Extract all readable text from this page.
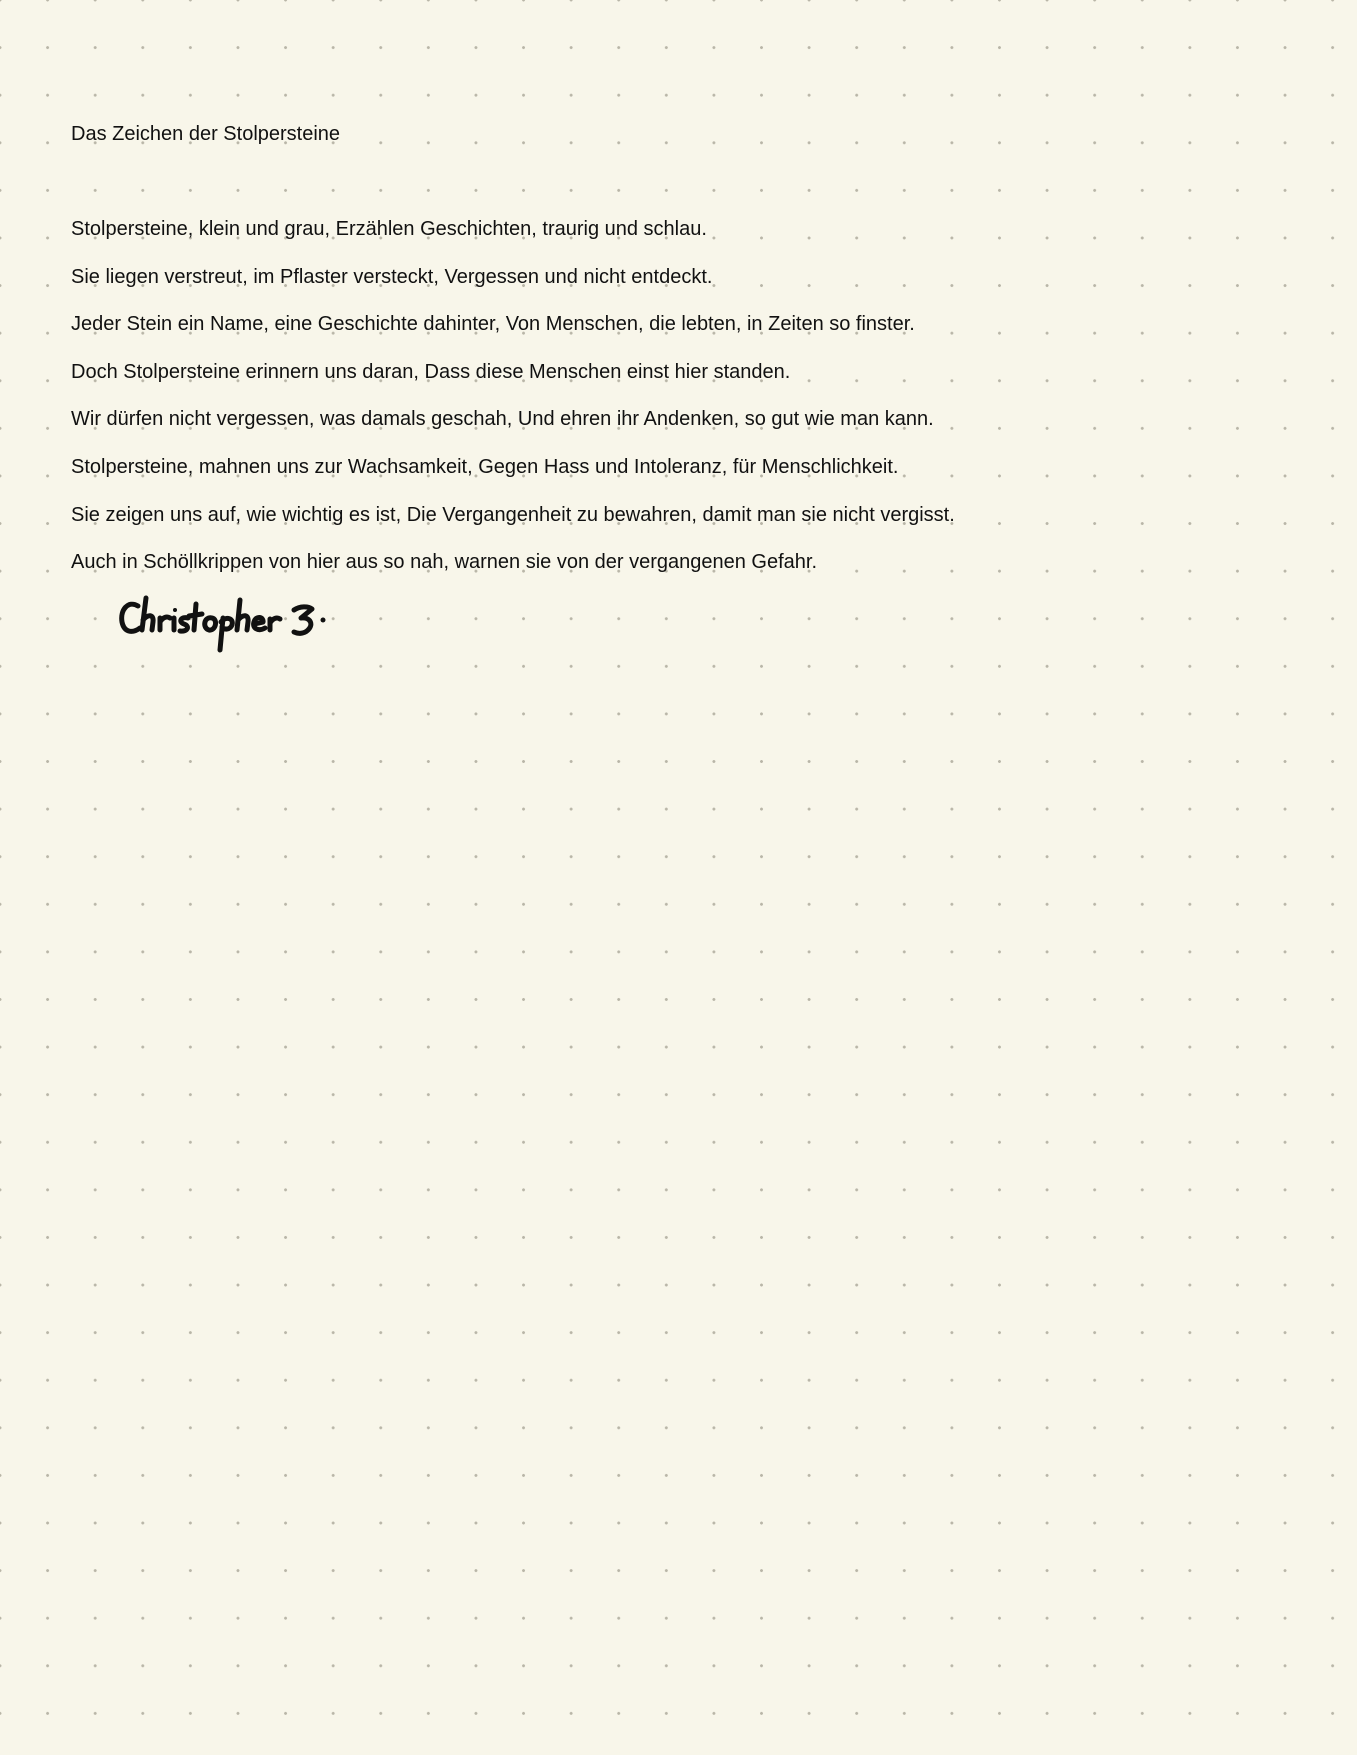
Das Zeichen der Stolpersteine
Stolpersteine, klein und grau, Erzählen Geschichten, traurig und schlau.
Sie liegen verstreut, im Pflaster versteckt, Vergessen und nicht entdeckt.
Jeder Stein ein Name, eine Geschichte dahinter, Von Menschen, die lebten, in Zeiten so finster.
Doch Stolpersteine erinnern uns daran, Dass diese Menschen einst hier standen.
Wir dürfen nicht vergessen, was damals geschah, Und ehren ihr Andenken, so gut wie man kann.
Stolpersteine, mahnen uns zur Wachsamkeit, Gegen Hass und Intoleranz, für Menschlichkeit.
Sie zeigen uns auf, wie wichtig es ist, Die Vergangenheit zu bewahren, damit man sie nicht vergisst.
Auch in Schöllkrippen von hier aus so nah, warnen sie von der vergangenen Gefahr.
